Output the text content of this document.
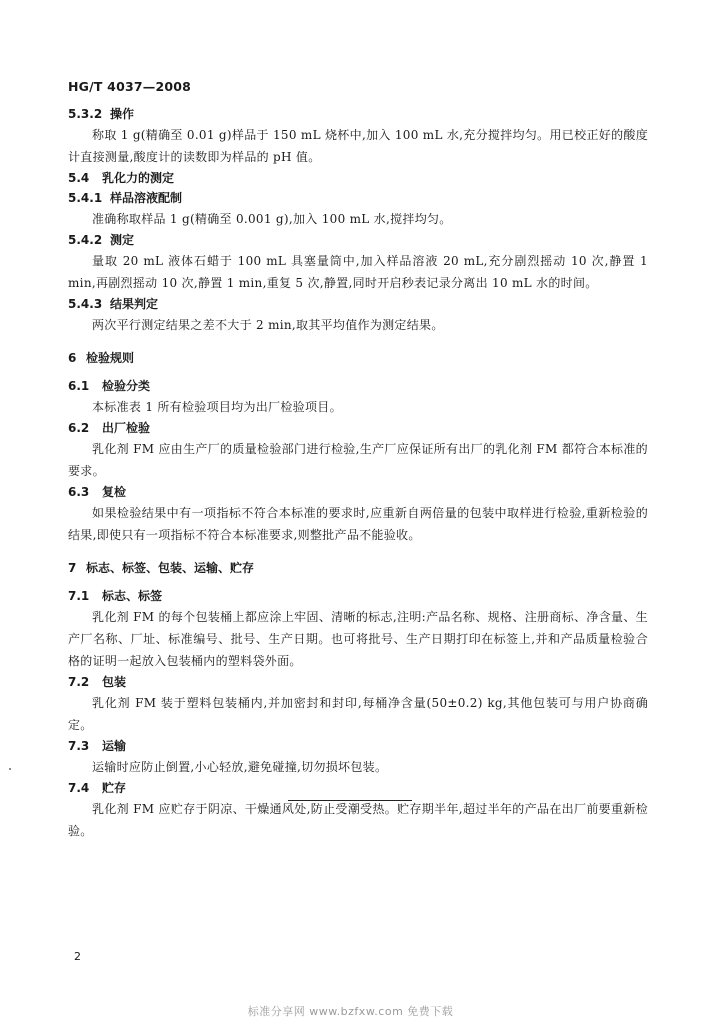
HG/T 4037—2008
5.3.2 操作
称取 1 g(精确至 0.01 g)样品于 150 mL 烧杯中,加入 100 mL 水,充分搅拌均匀。用已校正好的酸度计直接测量,酸度计的读数即为样品的 pH 值。
5.4 乳化力的测定
5.4.1 样品溶液配制
准确称取样品 1 g(精确至 0.001 g),加入 100 mL 水,搅拌均匀。
5.4.2 测定
量取 20 mL 液体石蜡于 100 mL 具塞量筒中,加入样品溶液 20 mL,充分剧烈摇动 10 次,静置 1 min,再剧烈摇动 10 次,静置 1 min,重复 5 次,静置,同时开启秒表记录分离出 10 mL 水的时间。
5.4.3 结果判定
两次平行测定结果之差不大于 2 min,取其平均值作为测定结果。
6 检验规则
6.1 检验分类
本标准表 1 所有检验项目均为出厂检验项目。
6.2 出厂检验
乳化剂 FM 应由生产厂的质量检验部门进行检验,生产厂应保证所有出厂的乳化剂 FM 都符合本标准的要求。
6.3 复检
如果检验结果中有一项指标不符合本标准的要求时,应重新自两倍量的包装中取样进行检验,重新检验的结果,即使只有一项指标不符合本标准要求,则整批产品不能验收。
7 标志、标签、包装、运输、贮存
7.1 标志、标签
乳化剂 FM 的每个包装桶上都应涂上牢固、清晰的标志,注明:产品名称、规格、注册商标、净含量、生产厂名称、厂址、标准编号、批号、生产日期。也可将批号、生产日期打印在标签上,并和产品质量检验合格的证明一起放入包装桶内的塑料袋外面。
7.2 包装
乳化剂 FM 装于塑料包装桶内,并加密封和封印,每桶净含量(50±0.2) kg,其他包装可与用户协商确定。
7.3 运输
运输时应防止倒置,小心轻放,避免碰撞,切勿损坏包装。
7.4 贮存
乳化剂 FM 应贮存于阴凉、干燥通风处,防止受潮受热。贮存期半年,超过半年的产品在出厂前要重新检验。
2
标准分享网 www.bzfxw.com 免费下载
